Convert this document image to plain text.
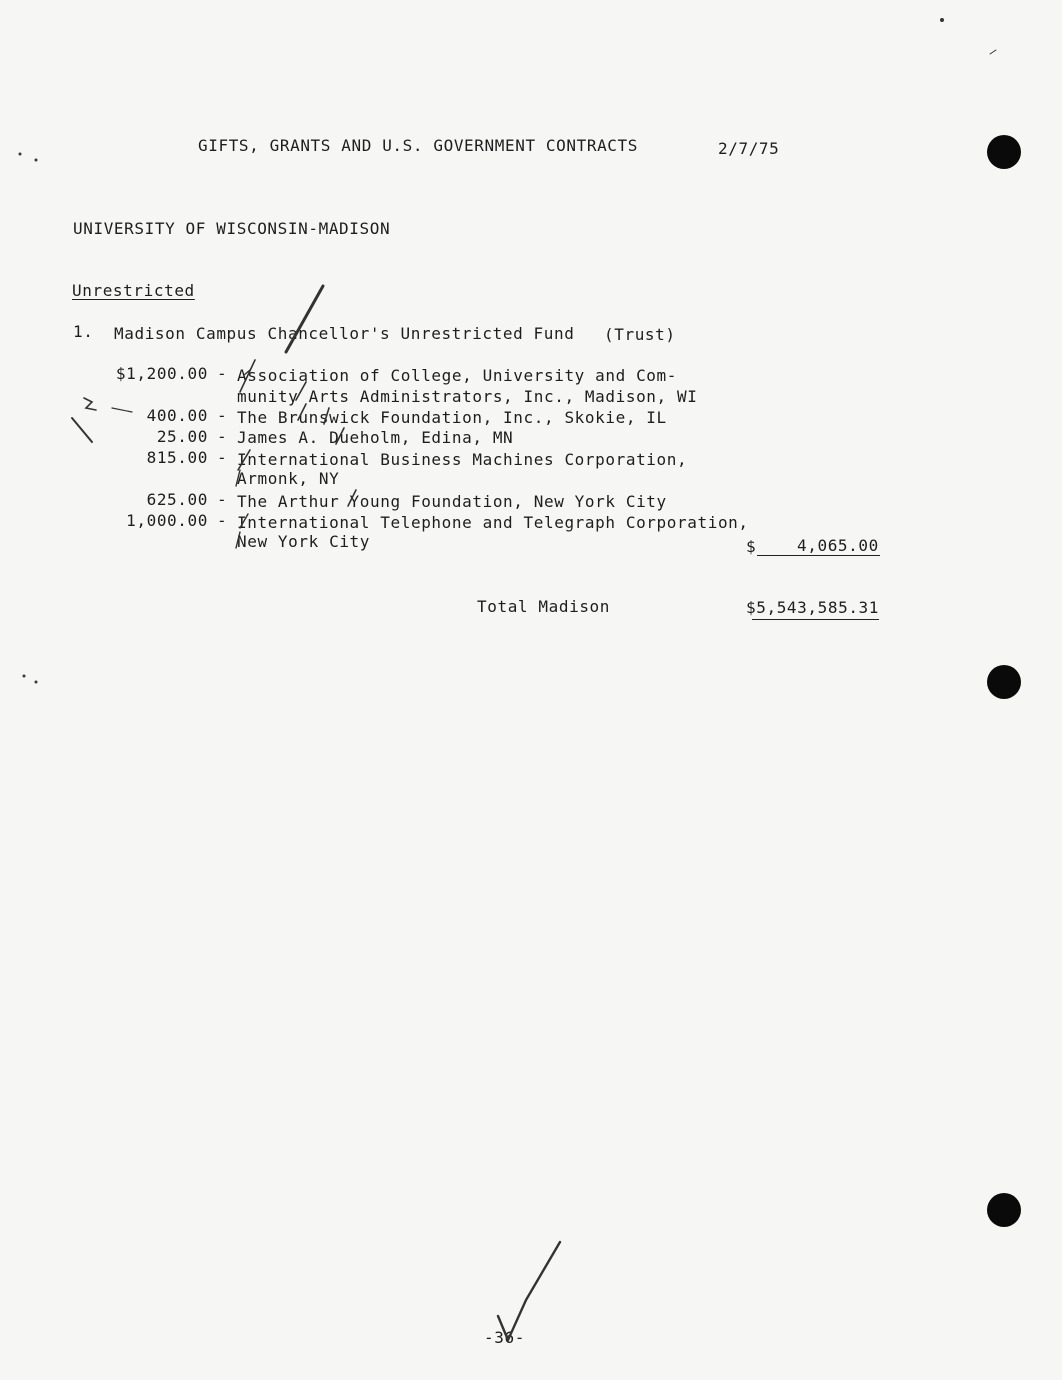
GIFTS, GRANTS AND U.S. GOVERNMENT CONTRACTS	2/7/75
UNIVERSITY OF WISCONSIN-MADISON
Unrestricted
1. Madison Campus Chancellor's Unrestricted Fund (Trust)
$1,200.00 - Association of College, University and Com-
munity Arts Administrators, Inc., Madison, WI
400.00 - The Brunswick Foundation, Inc., Skokie, IL
25.00 - James A. Dueholm, Edina, MN
815.00 - International Business Machines Corporation,
Armonk, NY
625.00 - The Arthur Young Foundation, New York City
1,000.00 - International Telephone and Telegraph Corporation,
New York City	$	4,065.00
Total Madison	$5,543,585.31
-36-
